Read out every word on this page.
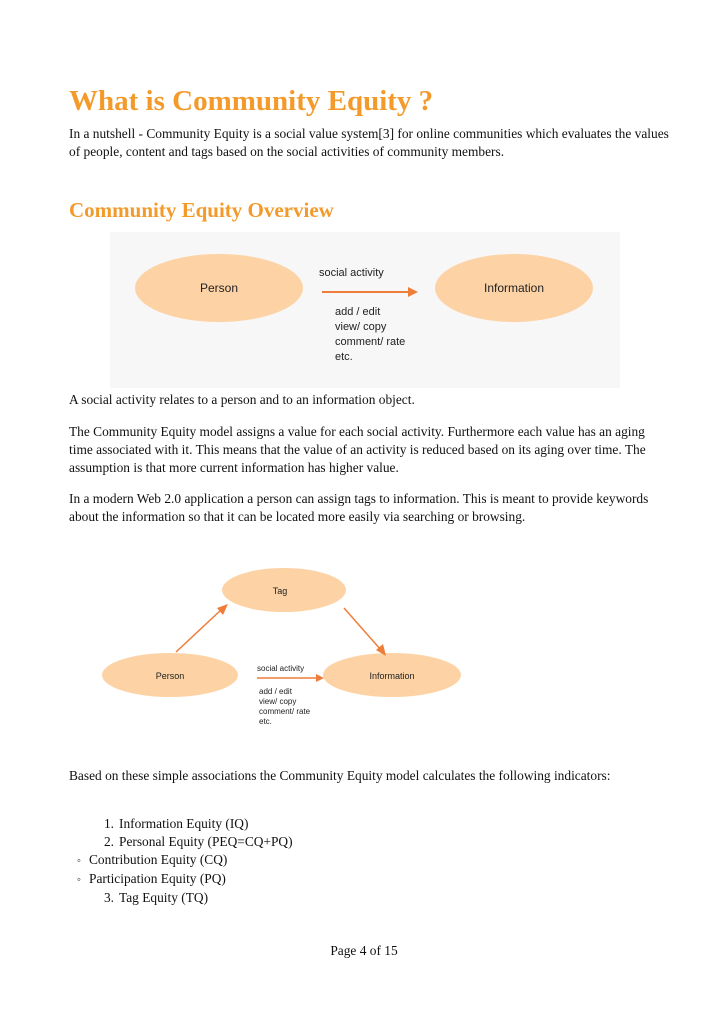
What is Community Equity ?

In a nutshell - Community Equity is a social value system[3] for online communities which evaluates the values of people, content and tags based on the social activities of community members.

Community Equity Overview
Person	Information
social activity
add / edit
view/ copy
comment/ rate
etc.

A social activity relates to a person and to an information object.

The Community Equity model assigns a value for each social activity. Furthermore each value has an aging time associated with it. This means that the value of an activity is reduced based on its aging over time. The assumption is that more current information has higher value.

In a modern Web 2.0 application a person can assign tags to information. This is meant to provide keywords about the information so that it can be located more easily via searching or browsing.

Tag
Person	Information
social activity
add / edit
view/ copy
comment/ rate
etc.

Based on these simple associations the Community Equity model calculates the following indicators:

1. Information Equity (IQ)
2. Personal Equity (PEQ=CQ+PQ)
◦ Contribution Equity (CQ)
◦ Participation Equity (PQ)
3. Tag Equity (TQ)

Page 4 of 15
